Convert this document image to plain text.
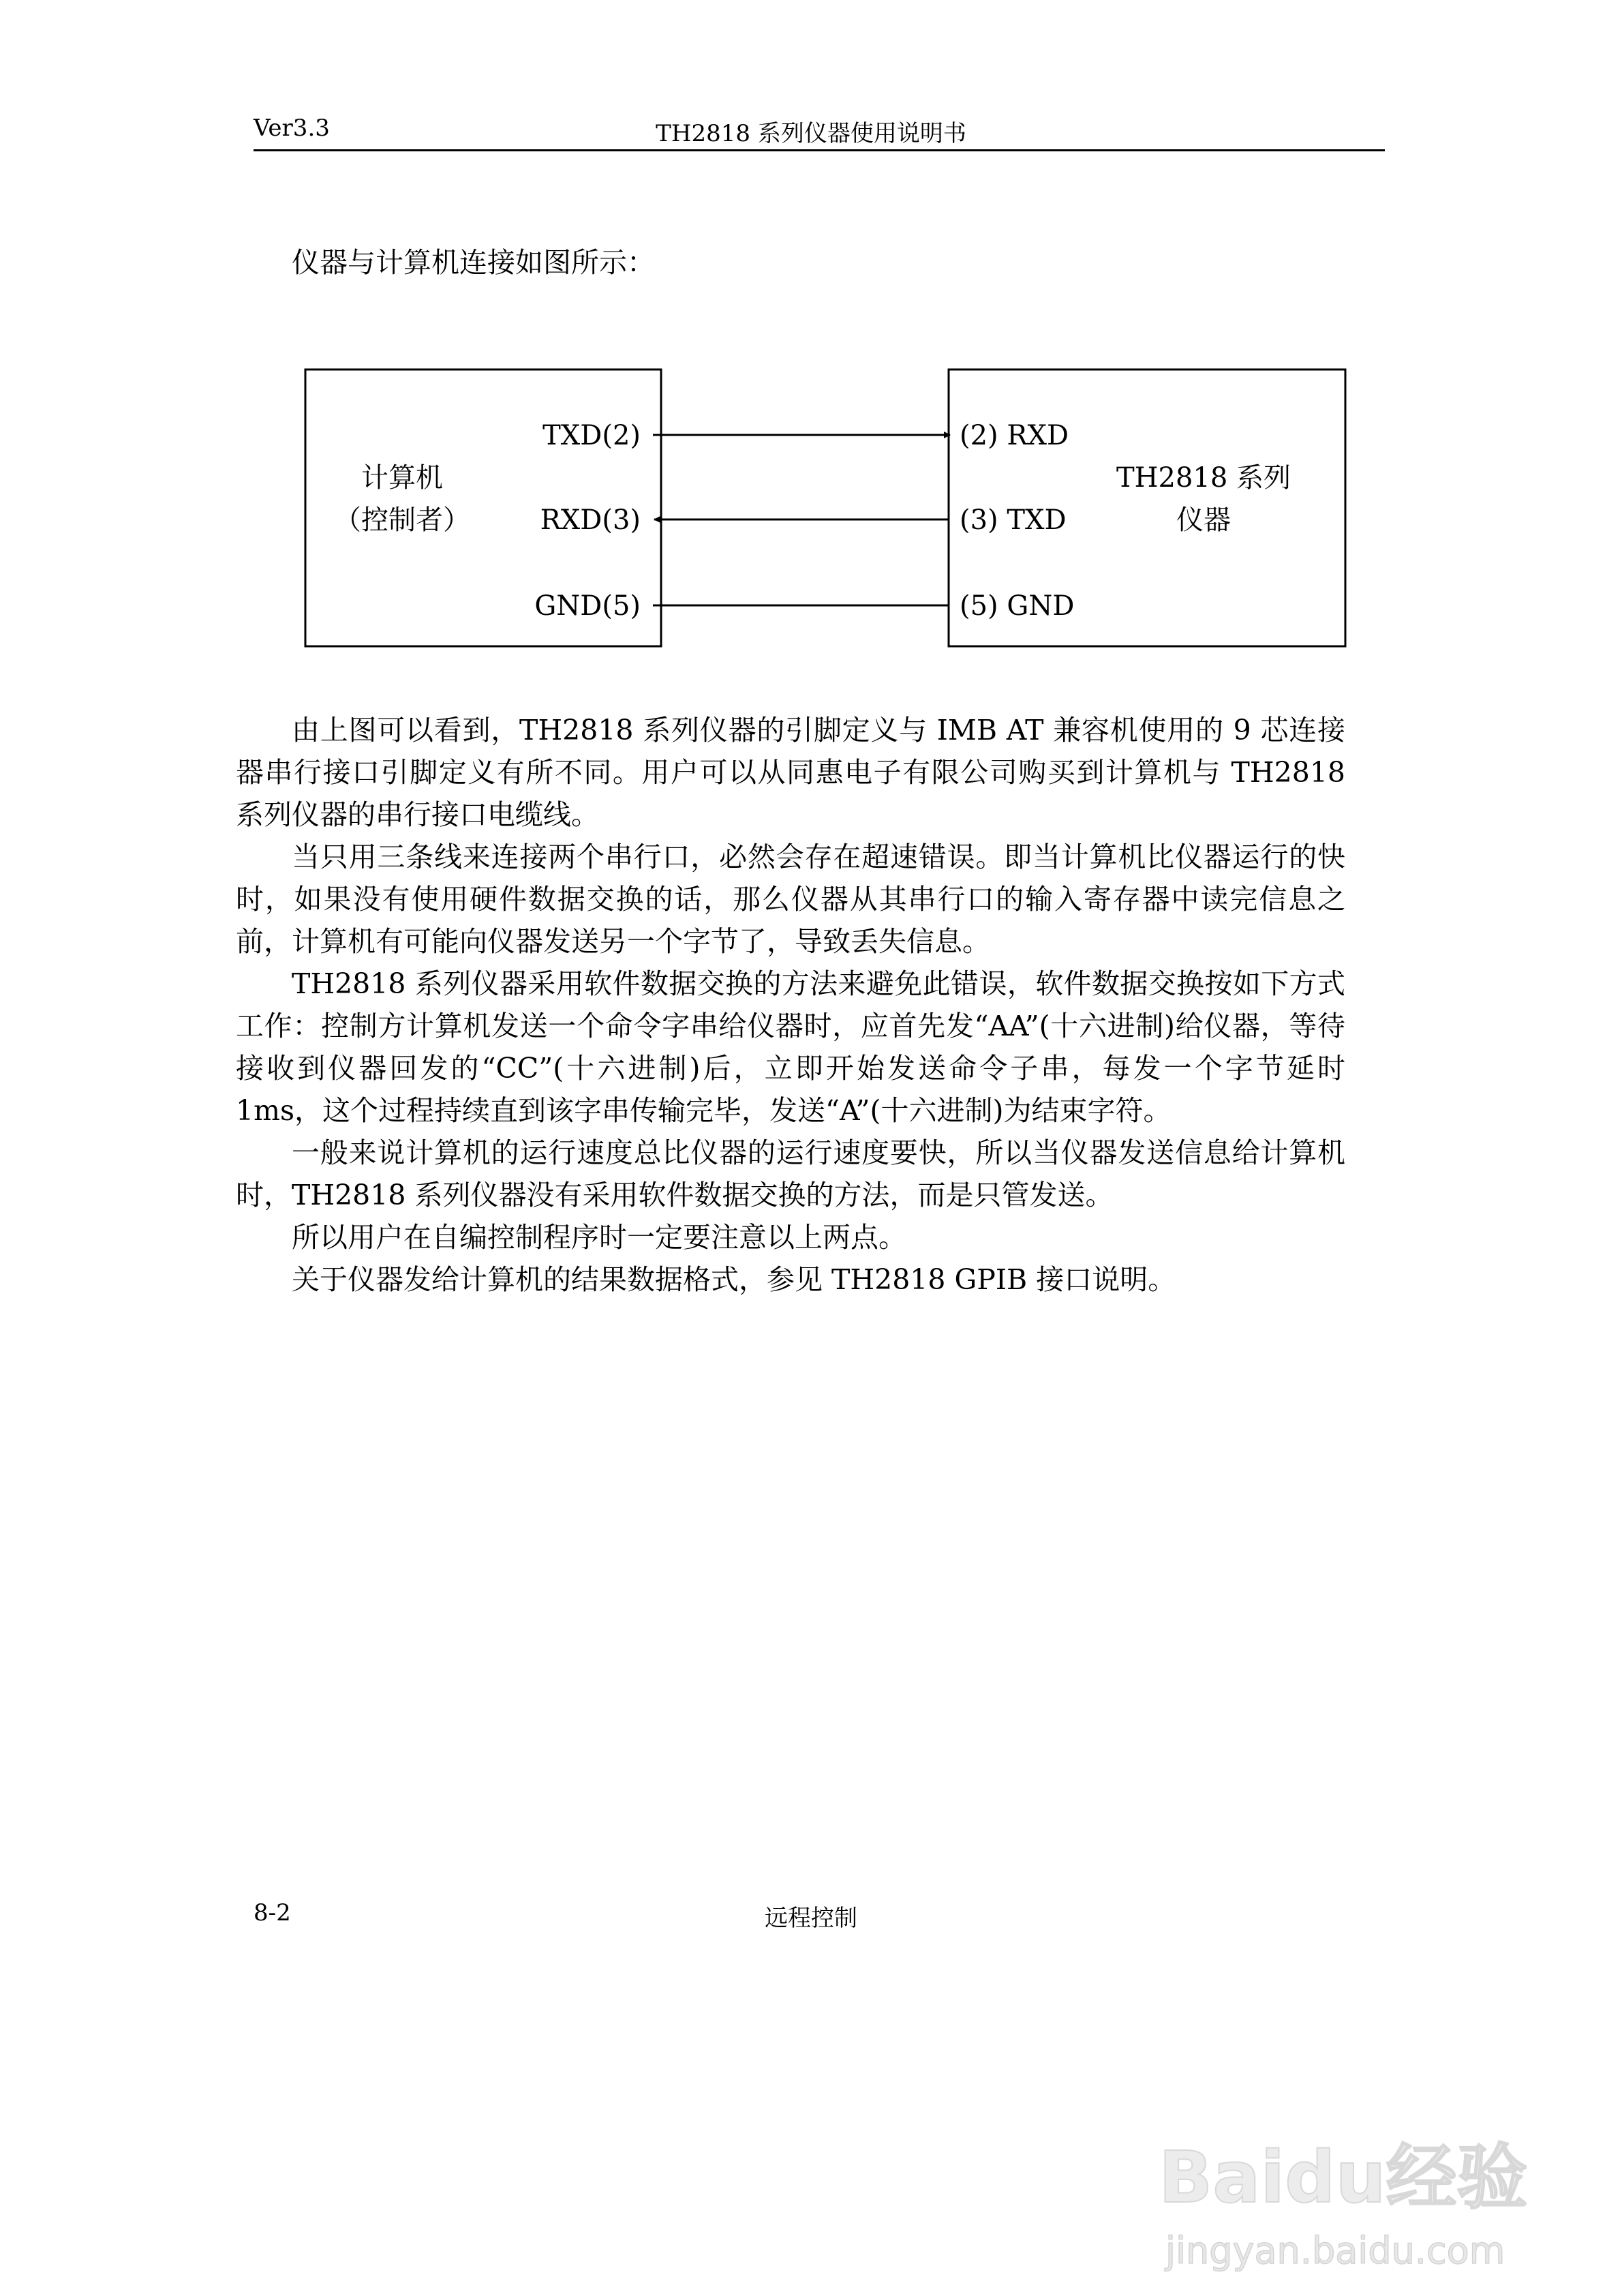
Ver3.3	TH2818 系列仪器使用说明书
仪器与计算机连接如图所示：
计算机
（控制者）
TH2818 系列
仪器
TXD(2)
RXD(3)
GND(5)
(2) RXD
(3) TXD
(5) GND
由上图可以看到，TH2818 系列仪器的引脚定义与 IMB AT 兼容机使用的 9 芯连接器串行接口引脚定义有所不同。用户可以从同惠电子有限公司购买到计算机与 TH2818 系列仪器的串行接口电缆线。
当只用三条线来连接两个串行口，必然会存在超速错误。即当计算机比仪器运行的快时，如果没有使用硬件数据交换的话，那么仪器从其串行口的输入寄存器中读完信息之前，计算机有可能向仪器发送另一个字节了，导致丢失信息。
TH2818 系列仪器采用软件数据交换的方法来避免此错误，软件数据交换按如下方式工作：控制方计算机发送一个命令字串给仪器时，应首先发“AA”(十六进制)给仪器，等待接收到仪器回发的“CC”(十六进制)后，立即开始发送命令子串，每发一个字节延时 1ms，这个过程持续直到该字串传输完毕，发送“A”(十六进制)为结束字符。
一般来说计算机的运行速度总比仪器的运行速度要快，所以当仪器发送信息给计算机时，TH2818 系列仪器没有采用软件数据交换的方法，而是只管发送。
所以用户在自编控制程序时一定要注意以上两点。
关于仪器发给计算机的结果数据格式，参见 TH2818 GPIB 接口说明。
8-2	远程控制
Baidu经验
jingyan.baidu.com
